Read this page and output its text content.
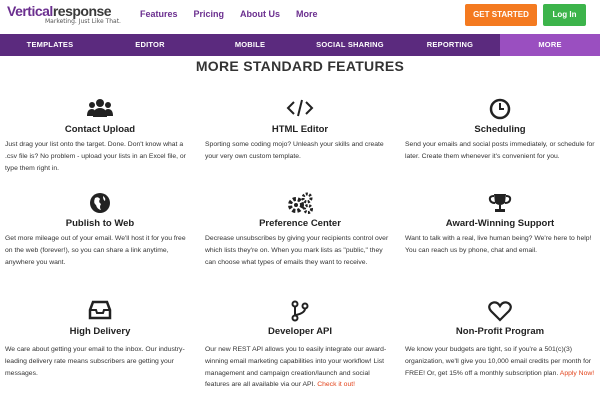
Verticalresponse
Marketing. Just Like That.
Features Pricing About Us More	GET STARTED	Log In
TEMPLATES	EDITOR	MOBILE	SOCIAL SHARING	REPORTING	MORE
MORE STANDARD FEATURES
Contact Upload
Just drag your list onto the target. Done. Don't know what a .csv file is? No problem - upload your lists in an Excel file, or type them right in.
HTML Editor
Sporting some coding mojo? Unleash your skills and create your very own custom template.
Scheduling
Send your emails and social posts immediately, or schedule for later. Create them whenever it's convenient for you.
Publish to Web
Get more mileage out of your email. We'll host it for you free on the web (forever!), so you can share a link anytime, anywhere you want.
Preference Center
Decrease unsubscribes by giving your recipients control over which lists they're on. When you mark lists as "public," they can choose what types of emails they want to receive.
Award-Winning Support
Want to talk with a real, live human being? We're here to help! You can reach us by phone, chat and email.
High Delivery
We care about getting your email to the inbox. Our industry-leading delivery rate means subscribers are getting your messages.
Developer API
Our new REST API allows you to easily integrate our award-winning email marketing capabilities into your workflow! List management and campaign creation/launch and social features are all available via our API. Check it out!
Non-Profit Program
We know your budgets are tight, so if you're a 501(c)(3) organization, we'll give you 10,000 email credits per month for FREE! Or, get 15% off a monthly subscription plan. Apply Now!
